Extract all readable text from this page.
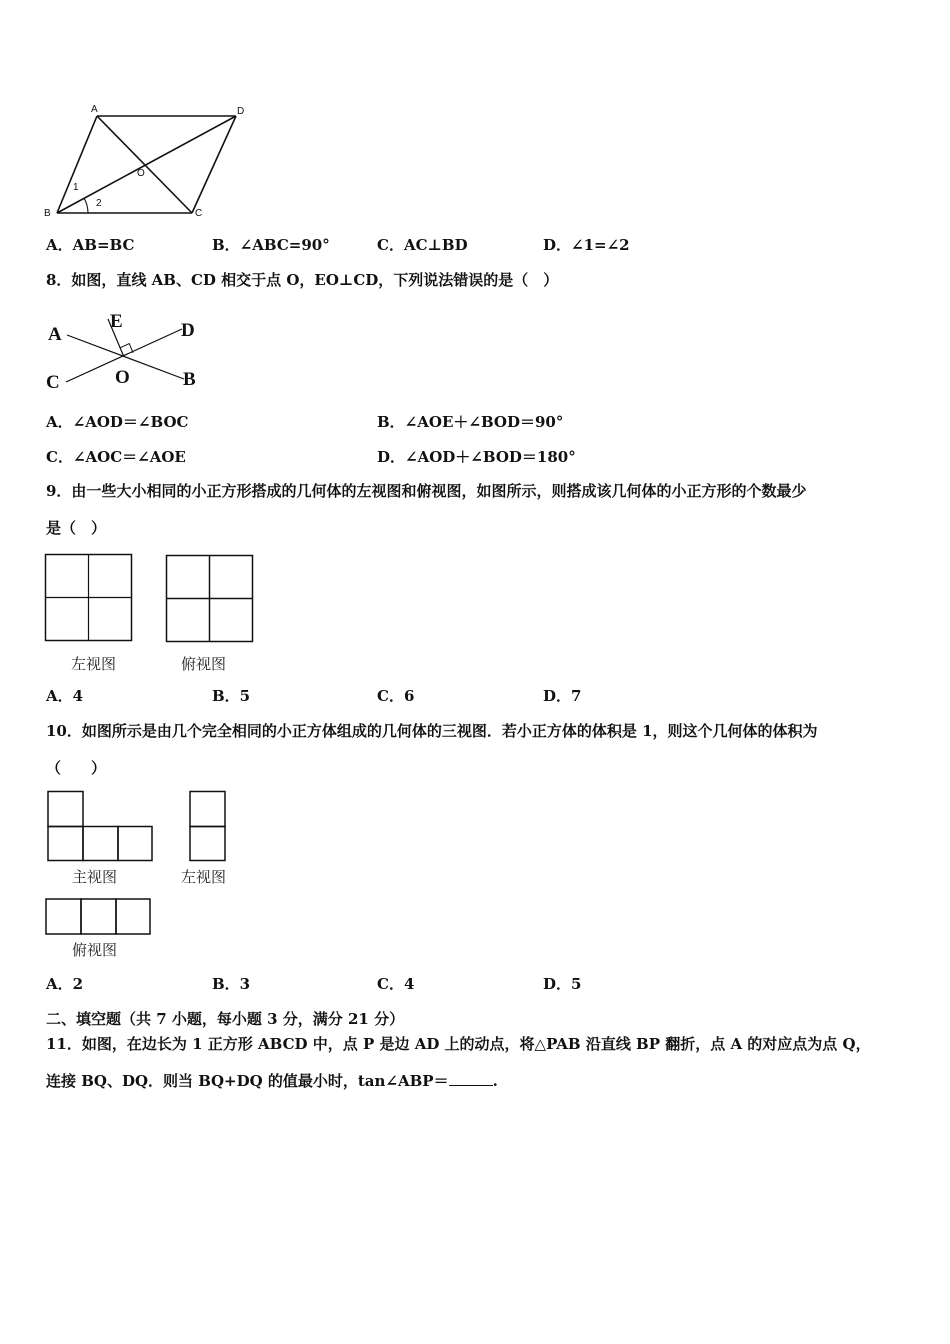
A	D
B	C
O
1
2
A．AB=BC	B．∠ABC=90°	C．AC⊥BD	D．∠1=∠2
8．如图，直线 AB、CD 相交于点 O，EO⊥CD，下列说法错误的是（　）
A
E	D
C	O	B
A．∠AOD＝∠BOC	B．∠AOE＋∠BOD＝90°
C．∠AOC＝∠AOE	D．∠AOD＋∠BOD＝180°
9．由一些大小相同的小正方形搭成的几何体的左视图和俯视图，如图所示，则搭成该几何体的小正方形的个数最少
是（　）
左视图	俯视图
A．4	B．5	C．6	D．7
10．如图所示是由几个完全相同的小正方体组成的几何体的三视图．若小正方体的体积是 1，则这个几何体的体积为
（　　）
主视图	左视图
俯视图
A．2	B．3	C．4	D．5
二、填空题（共 7 小题，每小题 3 分，满分 21 分）
11．如图，在边长为 1 正方形 ABCD 中，点 P 是边 AD 上的动点，将△PAB 沿直线 BP 翻折，点 A 的对应点为点 Q，
连接 BQ、DQ．则当 BQ+DQ 的值最小时，tan∠ABP＝	.
